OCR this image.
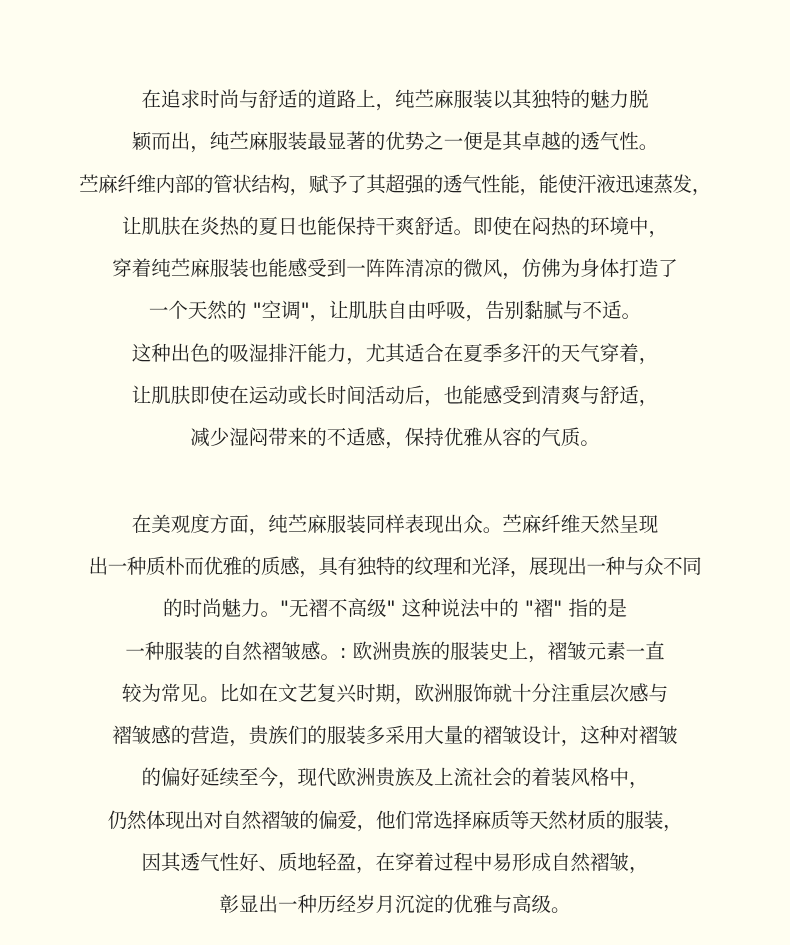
在追求时尚与舒适的道路上，纯苎麻服装以其独特的魅力脱
颖而出，纯苎麻服装最显著的优势之一便是其卓越的透气性。
苎麻纤维内部的管状结构，赋予了其超强的透气性能，能使汗液迅速蒸发，
让肌肤在炎热的夏日也能保持干爽舒适。即使在闷热的环境中，
穿着纯苎麻服装也能感受到一阵阵清凉的微风，仿佛为身体打造了
一个天然的 "空调"，让肌肤自由呼吸，告别黏腻与不适。
这种出色的吸湿排汗能力，尤其适合在夏季多汗的天气穿着，
让肌肤即使在运动或长时间活动后，也能感受到清爽与舒适，
减少湿闷带来的不适感，保持优雅从容的气质。
在美观度方面，纯苎麻服装同样表现出众。苎麻纤维天然呈现
出一种质朴而优雅的质感，具有独特的纹理和光泽，展现出一种与众不同
的时尚魅力。"无褶不高级" 这种说法中的 "褶" 指的是
一种服装的自然褶皱感。: 欧洲贵族的服装史上，褶皱元素一直
较为常见。比如在文艺复兴时期，欧洲服饰就十分注重层次感与
褶皱感的营造，贵族们的服装多采用大量的褶皱设计，这种对褶皱
的偏好延续至今，现代欧洲贵族及上流社会的着装风格中，
仍然体现出对自然褶皱的偏爱，他们常选择麻质等天然材质的服装，
因其透气性好、质地轻盈，在穿着过程中易形成自然褶皱，
彰显出一种历经岁月沉淀的优雅与高级。
